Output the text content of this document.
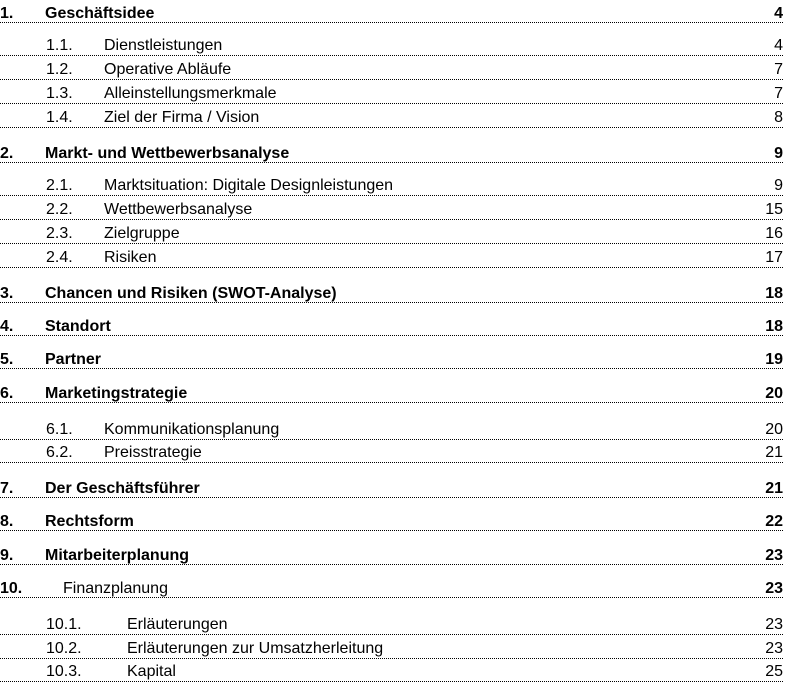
1. Geschäftsidee	4
1.1. Dienstleistungen	4
1.2. Operative Abläufe	7
1.3. Alleinstellungsmerkmale	7
1.4. Ziel der Firma / Vision	8
2. Markt- und Wettbewerbsanalyse	9
2.1. Marktsituation: Digitale Designleistungen	9
2.2. Wettbewerbsanalyse	15
2.3. Zielgruppe	16
2.4. Risiken	17
3. Chancen und Risiken (SWOT-Analyse)	18
4. Standort	18
5. Partner	19
6. Marketingstrategie	20
6.1. Kommunikationsplanung	20
6.2. Preisstrategie	21
7. Der Geschäftsführer	21
8. Rechtsform	22
9. Mitarbeiterplanung	23
10.	Finanzplanung	23
10.1.	Erläuterungen	23
10.2.	Erläuterungen zur Umsatzherleitung	23
10.3.	Kapital	25
